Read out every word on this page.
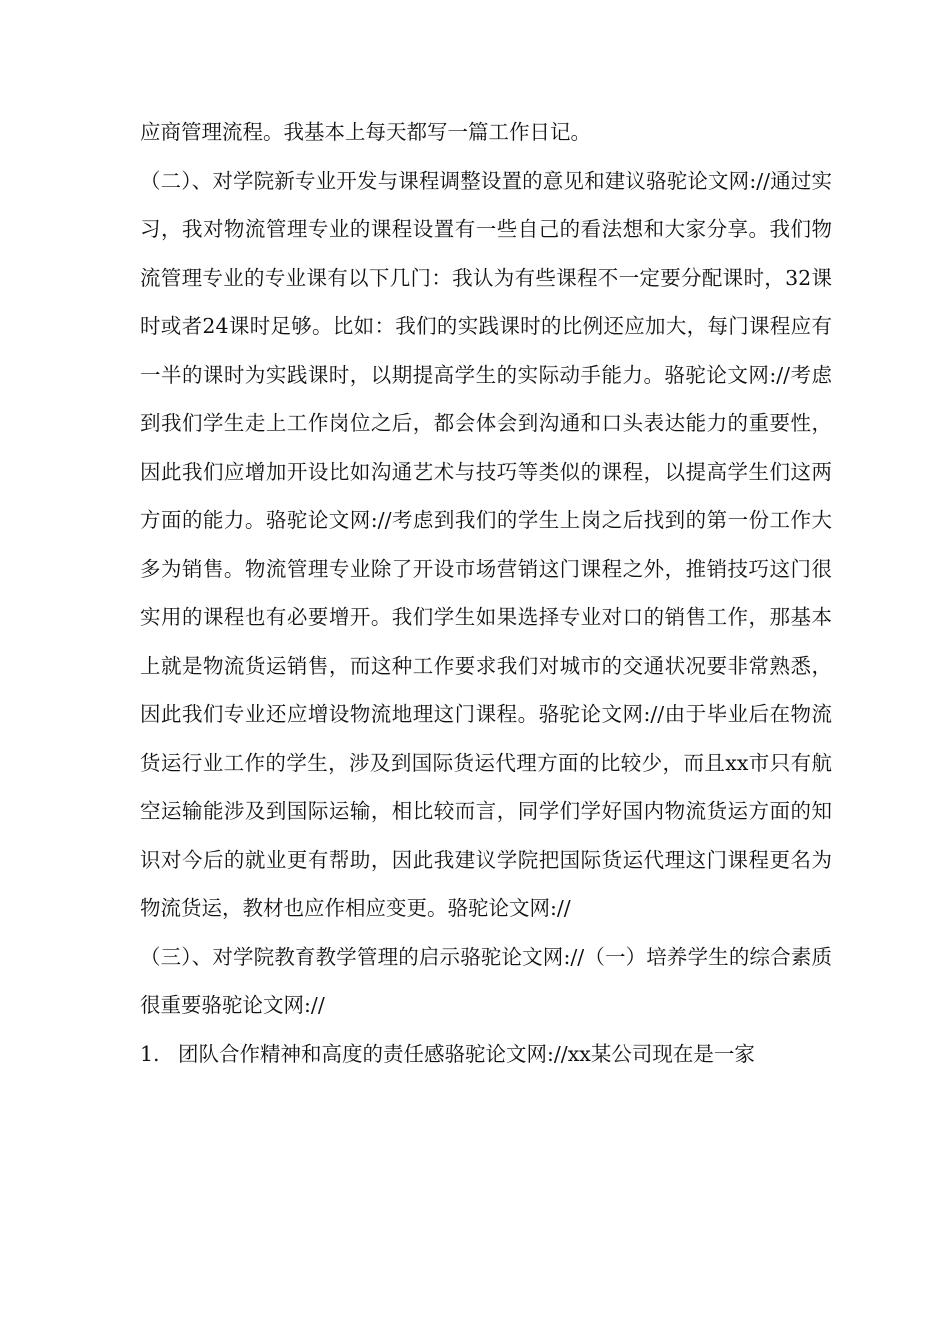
应商管理流程。我基本上每天都写一篇工作日记。

（二）、对学院新专业开发与课程调整设置的意见和建议骆驼论文网://通过实习，我对物流管理专业的课程设置有一些自己的看法想和大家分享。我们物流管理专业的专业课有以下几门：我认为有些课程不一定要分配课时，32课时或者24课时足够。比如：我们的实践课时的比例还应加大，每门课程应有一半的课时为实践课时，以期提高学生的实际动手能力。骆驼论文网://考虑到我们学生走上工作岗位之后，都会体会到沟通和口头表达能力的重要性，因此我们应增加开设比如沟通艺术与技巧等类似的课程，以提高学生们这两方面的能力。骆驼论文网://考虑到我们的学生上岗之后找到的第一份工作大多为销售。物流管理专业除了开设市场营销这门课程之外，推销技巧这门很实用的课程也有必要增开。我们学生如果选择专业对口的销售工作，那基本上就是物流货运销售，而这种工作要求我们对城市的交通状况要非常熟悉，因此我们专业还应增设物流地理这门课程。骆驼论文网://由于毕业后在物流货运行业工作的学生，涉及到国际货运代理方面的比较少，而且xx市只有航空运输能涉及到国际运输，相比较而言，同学们学好国内物流货运方面的知识对今后的就业更有帮助，因此我建议学院把国际货运代理这门课程更名为物流货运，教材也应作相应变更。骆驼论文网://

（三）、对学院教育教学管理的启示骆驼论文网://（一）培养学生的综合素质很重要骆驼论文网://

1. 团队合作精神和高度的责任感骆驼论文网://xx某公司现在是一家
